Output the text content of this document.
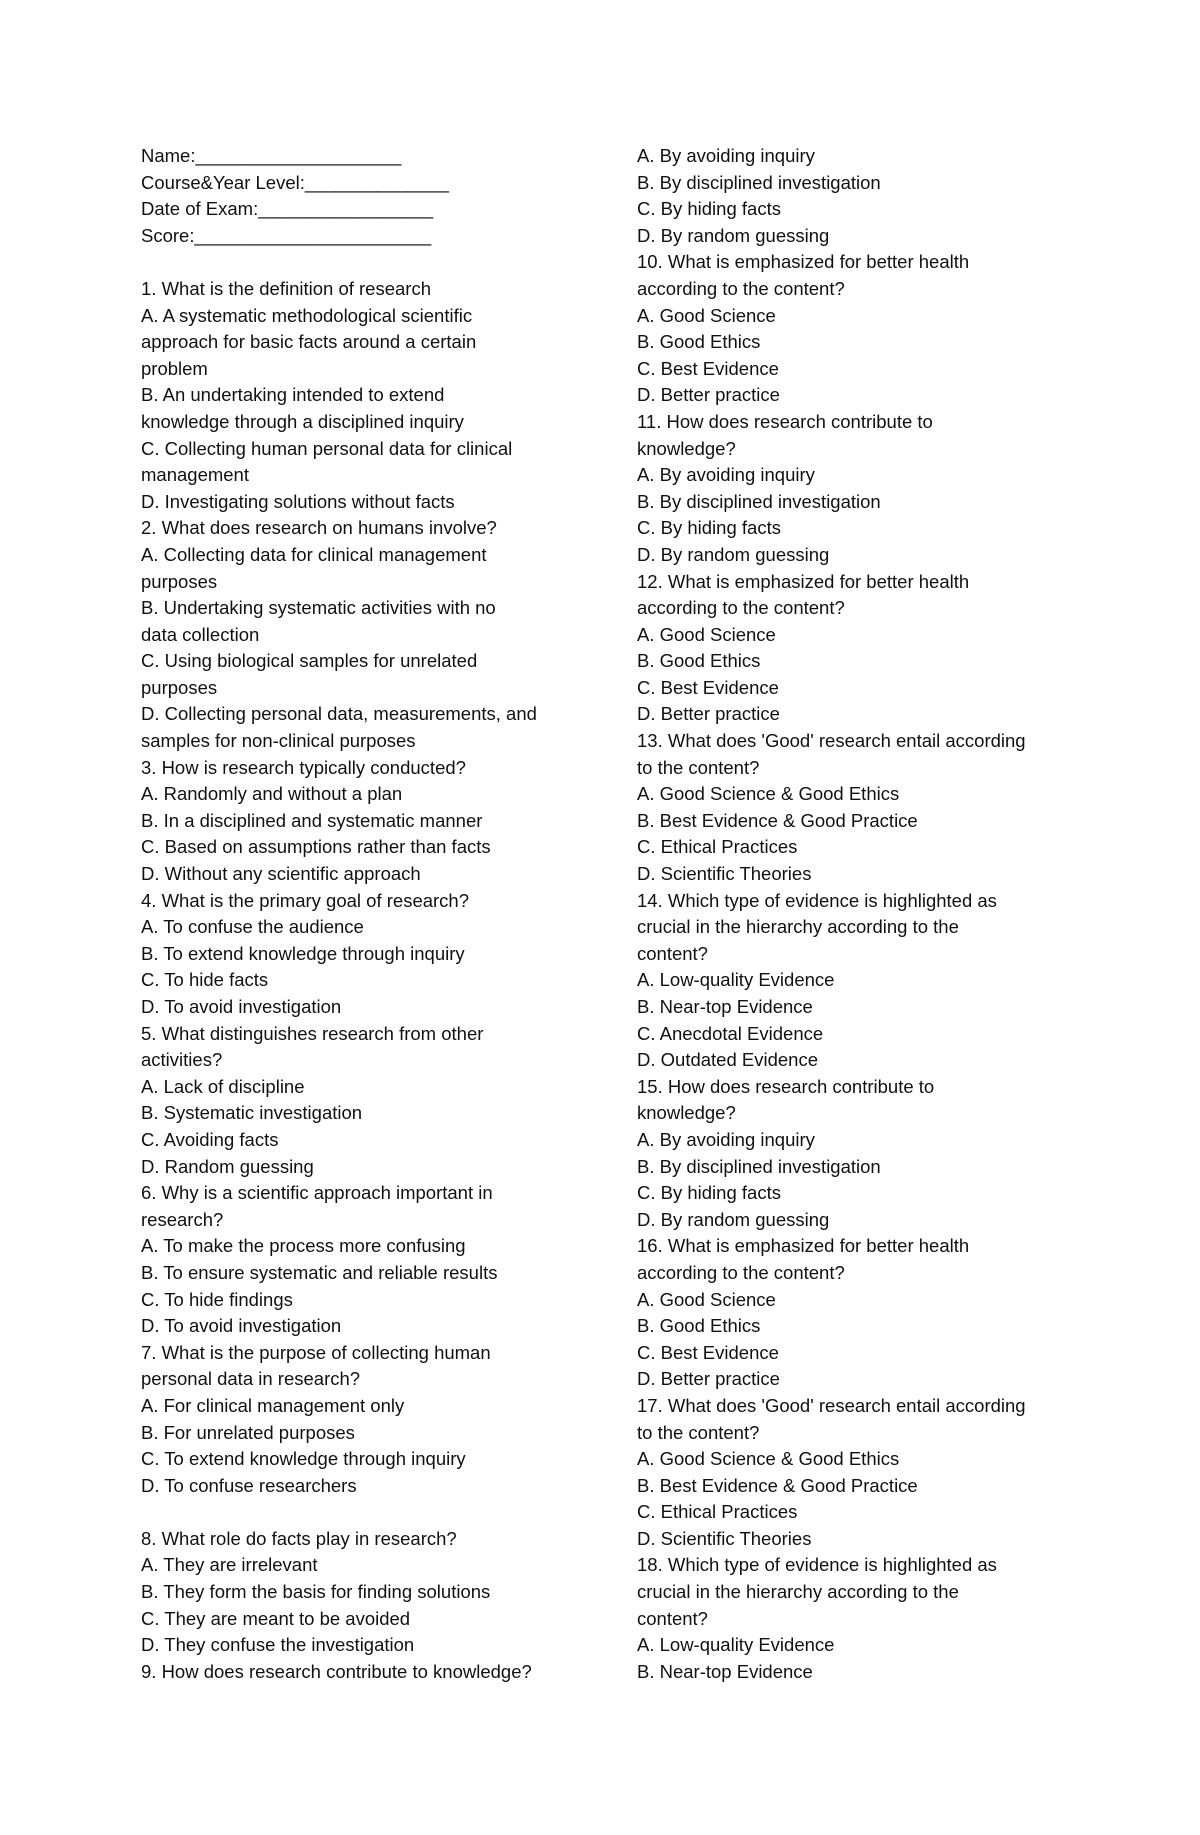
Name:____________________
Course&Year Level:______________
Date of Exam:_________________
Score:_______________________
1. What is the definition of research
A. A systematic methodological scientific
approach for basic facts around a certain
problem
B. An undertaking intended to extend
knowledge through a disciplined inquiry
C. Collecting human personal data for clinical
management
D. Investigating solutions without facts
2. What does research on humans involve?
A. Collecting data for clinical management
purposes
B. Undertaking systematic activities with no
data collection
C. Using biological samples for unrelated
purposes
D. Collecting personal data, measurements, and
samples for non-clinical purposes
3. How is research typically conducted?
A. Randomly and without a plan
B. In a disciplined and systematic manner
C. Based on assumptions rather than facts
D. Without any scientific approach
4. What is the primary goal of research?
A. To confuse the audience
B. To extend knowledge through inquiry
C. To hide facts
D. To avoid investigation
5. What distinguishes research from other
activities?
A. Lack of discipline
B. Systematic investigation
C. Avoiding facts
D. Random guessing
6. Why is a scientific approach important in
research?
A. To make the process more confusing
B. To ensure systematic and reliable results
C. To hide findings
D. To avoid investigation
7. What is the purpose of collecting human
personal data in research?
A. For clinical management only
B. For unrelated purposes
C. To extend knowledge through inquiry
D. To confuse researchers
8. What role do facts play in research?
A. They are irrelevant
B. They form the basis for finding solutions
C. They are meant to be avoided
D. They confuse the investigation
9. How does research contribute to knowledge?
A. By avoiding inquiry
B. By disciplined investigation
C. By hiding facts
D. By random guessing
10. What is emphasized for better health
according to the content?
A. Good Science
B. Good Ethics
C. Best Evidence
D. Better practice
11. How does research contribute to
knowledge?
A. By avoiding inquiry
B. By disciplined investigation
C. By hiding facts
D. By random guessing
12. What is emphasized for better health
according to the content?
A. Good Science
B. Good Ethics
C. Best Evidence
D. Better practice
13. What does 'Good' research entail according
to the content?
A. Good Science & Good Ethics
B. Best Evidence & Good Practice
C. Ethical Practices
D. Scientific Theories
14. Which type of evidence is highlighted as
crucial in the hierarchy according to the
content?
A. Low-quality Evidence
B. Near-top Evidence
C. Anecdotal Evidence
D. Outdated Evidence
15. How does research contribute to
knowledge?
A. By avoiding inquiry
B. By disciplined investigation
C. By hiding facts
D. By random guessing
16. What is emphasized for better health
according to the content?
A. Good Science
B. Good Ethics
C. Best Evidence
D. Better practice
17. What does 'Good' research entail according
to the content?
A. Good Science & Good Ethics
B. Best Evidence & Good Practice
C. Ethical Practices
D. Scientific Theories
18. Which type of evidence is highlighted as
crucial in the hierarchy according to the
content?
A. Low-quality Evidence
B. Near-top Evidence
